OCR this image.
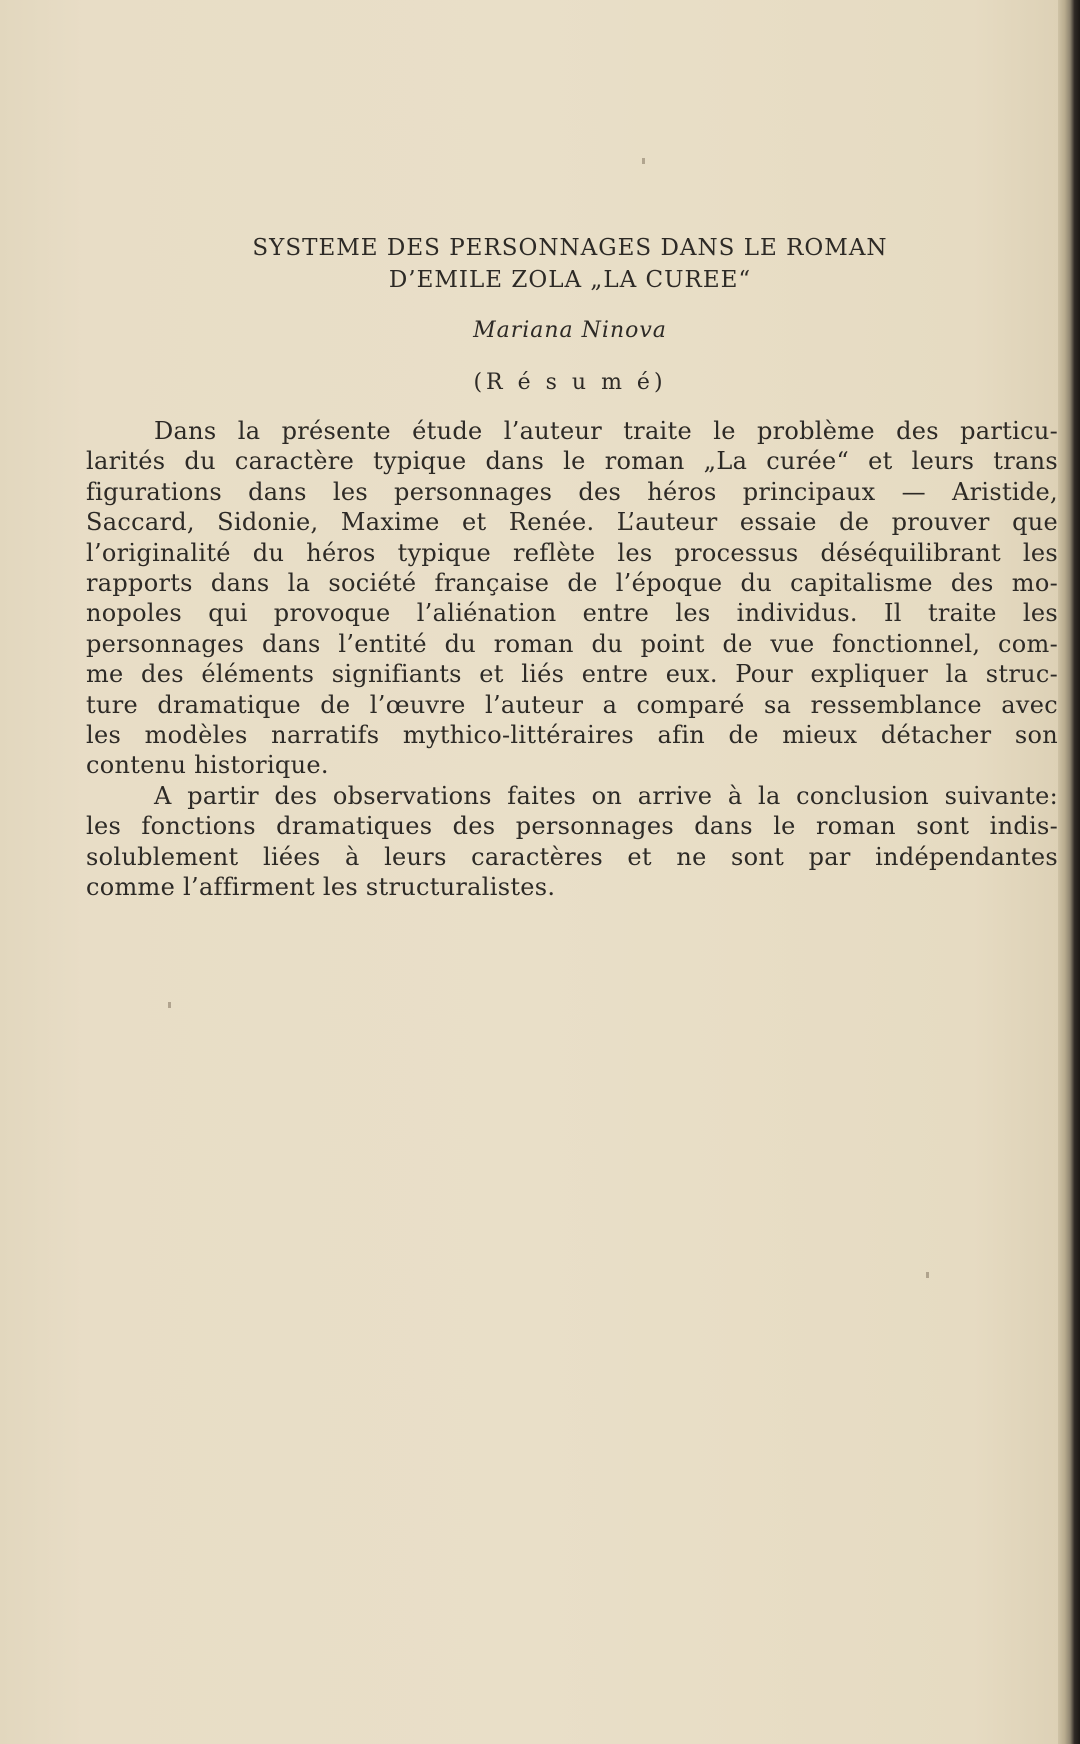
SYSTEME DES PERSONNAGES DANS LE ROMAN
D’EMILE ZOLA „LA CUREE“
Mariana Ninova
(R é s u m é)
Dans la présente étude l’auteur traite le problème des particu-
larités du caractère typique dans le roman „La curée“ et leurs trans
figurations dans les personnages des héros principaux — Aristide,
Saccard, Sidonie, Maxime et Renée. L’auteur essaie de prouver que
l’originalité du héros typique reflète les processus déséquilibrant les
rapports dans la société française de l’époque du capitalisme des mo-
nopoles qui provoque l’aliénation entre les individus. Il traite les
personnages dans l’entité du roman du point de vue fonctionnel, com-
me des éléments signifiants et liés entre eux. Pour expliquer la struc-
ture dramatique de l’œuvre l’auteur a comparé sa ressemblance avec
les modèles narratifs mythico-littéraires afin de mieux détacher son
contenu historique.
A partir des observations faites on arrive à la conclusion suivante:
les fonctions dramatiques des personnages dans le roman sont indis-
solublement liées à leurs caractères et ne sont par indépendantes
comme l’affirment les structuralistes.
